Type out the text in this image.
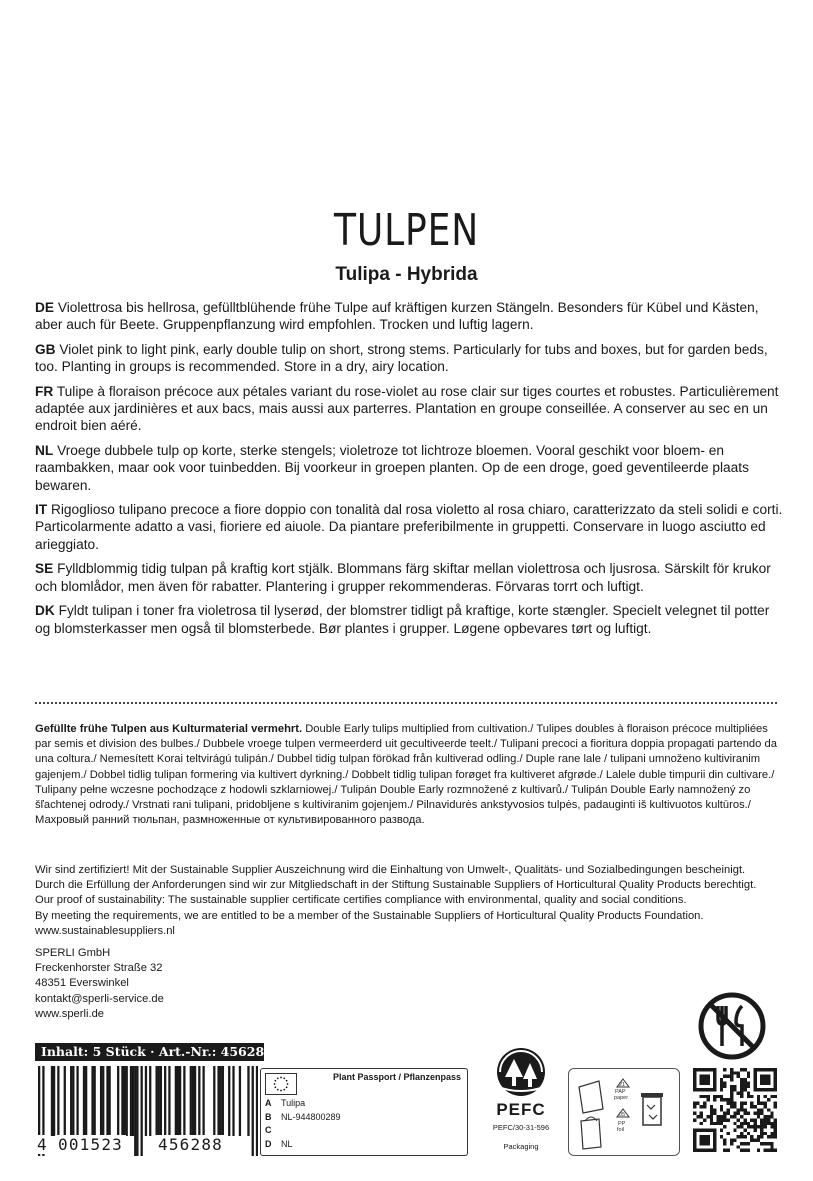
TULPEN
Tulipa - Hybrida

DE Violettrosa bis hellrosa, gefülltblühende frühe Tulpe auf kräftigen kurzen Stängeln. Besonders für Kübel und Kästen, aber auch für Beete. Gruppenpflanzung wird empfohlen. Trocken und luftig lagern.

GB Violet pink to light pink, early double tulip on short, strong stems. Particularly for tubs and boxes, but for garden beds, too. Planting in groups is recommended. Store in a dry, airy location.

FR Tulipe à floraison précoce aux pétales variant du rose-violet au rose clair sur tiges courtes et robustes. Particulièrement adaptée aux jardinières et aux bacs, mais aussi aux parterres. Plantation en groupe conseillée. A conserver au sec en un endroit bien aéré.

NL Vroege dubbele tulp op korte, sterke stengels; violetroze tot lichtroze bloemen. Vooral geschikt voor bloem- en raambakken, maar ook voor tuinbedden. Bij voorkeur in groepen planten. Op de een droge, goed geventileerde plaats bewaren.

IT Rigoglioso tulipano precoce a fiore doppio con tonalità dal rosa violetto al rosa chiaro, caratterizzato da steli solidi e corti. Particolarmente adatto a vasi, fioriere ed aiuole. Da piantare preferibilmente in gruppetti. Conservare in luogo asciutto ed arieggiato.

SE Fylldblommig tidig tulpan på kraftig kort stjälk. Blommans färg skiftar mellan violettrosa och ljusrosa. Särskilt för krukor och blomlådor, men även för rabatter. Plantering i grupper rekommenderas. Förvaras torrt och luftigt.

DK Fyldt tulipan i toner fra violetrosa til lyserød, der blomstrer tidligt på kraftige, korte stængler. Specielt velegnet til potter og blomsterkasser men også til blomsterbede. Bør plantes i grupper. Løgene opbevares tørt og luftigt.

Gefüllte frühe Tulpen aus Kulturmaterial vermehrt. Double Early tulips multiplied from cultivation./ Tulipes doubles à floraison précoce multipliées par semis et division des bulbes./ Dubbele vroege tulpen vermeerderd uit gecultiveerde teelt./ Tulipani precoci a fioritura doppia propagati partendo da una coltura./ Nemesített Korai teltvirágú tulipán./ Dubbel tidig tulpan förökad från kultiverad odling./ Duple rane lale / tulipani umnoženo kultiviranim gajenjem./ Dobbel tidlig tulipan formering via kultivert dyrkning./ Dobbelt tidlig tulipan forøget fra kultiveret afgrøde./ Lalele duble timpurii din cultivare./ Tulipany pełne wczesne pochodzące z hodowli szklarniowej./ Tulipán Double Early rozmnožené z kultivarů./ Tulipán Double Early namnožený zo šľachtenej odrody./ Vrstnati rani tulipani, pridobljene s kultiviranim gojenjem./ Pilnavidurės ankstyvosios tulpės, padauginti iš kultivuotos kultūros./ Махровый ранний тюльпан, размноженные от культивированного развода.

Wir sind zertifiziert! Mit der Sustainable Supplier Auszeichnung wird die Einhaltung von Umwelt-, Qualitäts- und Sozialbedingungen bescheinigt.

Durch die Erfüllung der Anforderungen sind wir zur Mitgliedschaft in der Stiftung Sustainable Suppliers of Horticultural Quality Products berechtigt.

Our proof of sustainability: The sustainable supplier certificate certifies compliance with environmental, quality and social conditions.

By meeting the requirements, we are entitled to be a member of the Sustainable Suppliers of Horticultural Quality Products Foundation.

www.sustainablesuppliers.nl

SPERLI GmbH

Freckenhorster Straße 32

48351 Everswinkel

kontakt@sperli-service.de

www.sperli.de

Inhalt: 5 Stück · Art.-Nr.: 456288
4 001523 456288
Plant Passport / Pflanzenpass
A Tulipa
B NL-944800289
C
D NL
PEFC
PEFC/30-31-596
Packaging
21
PAP
paper
05
PP
foil
